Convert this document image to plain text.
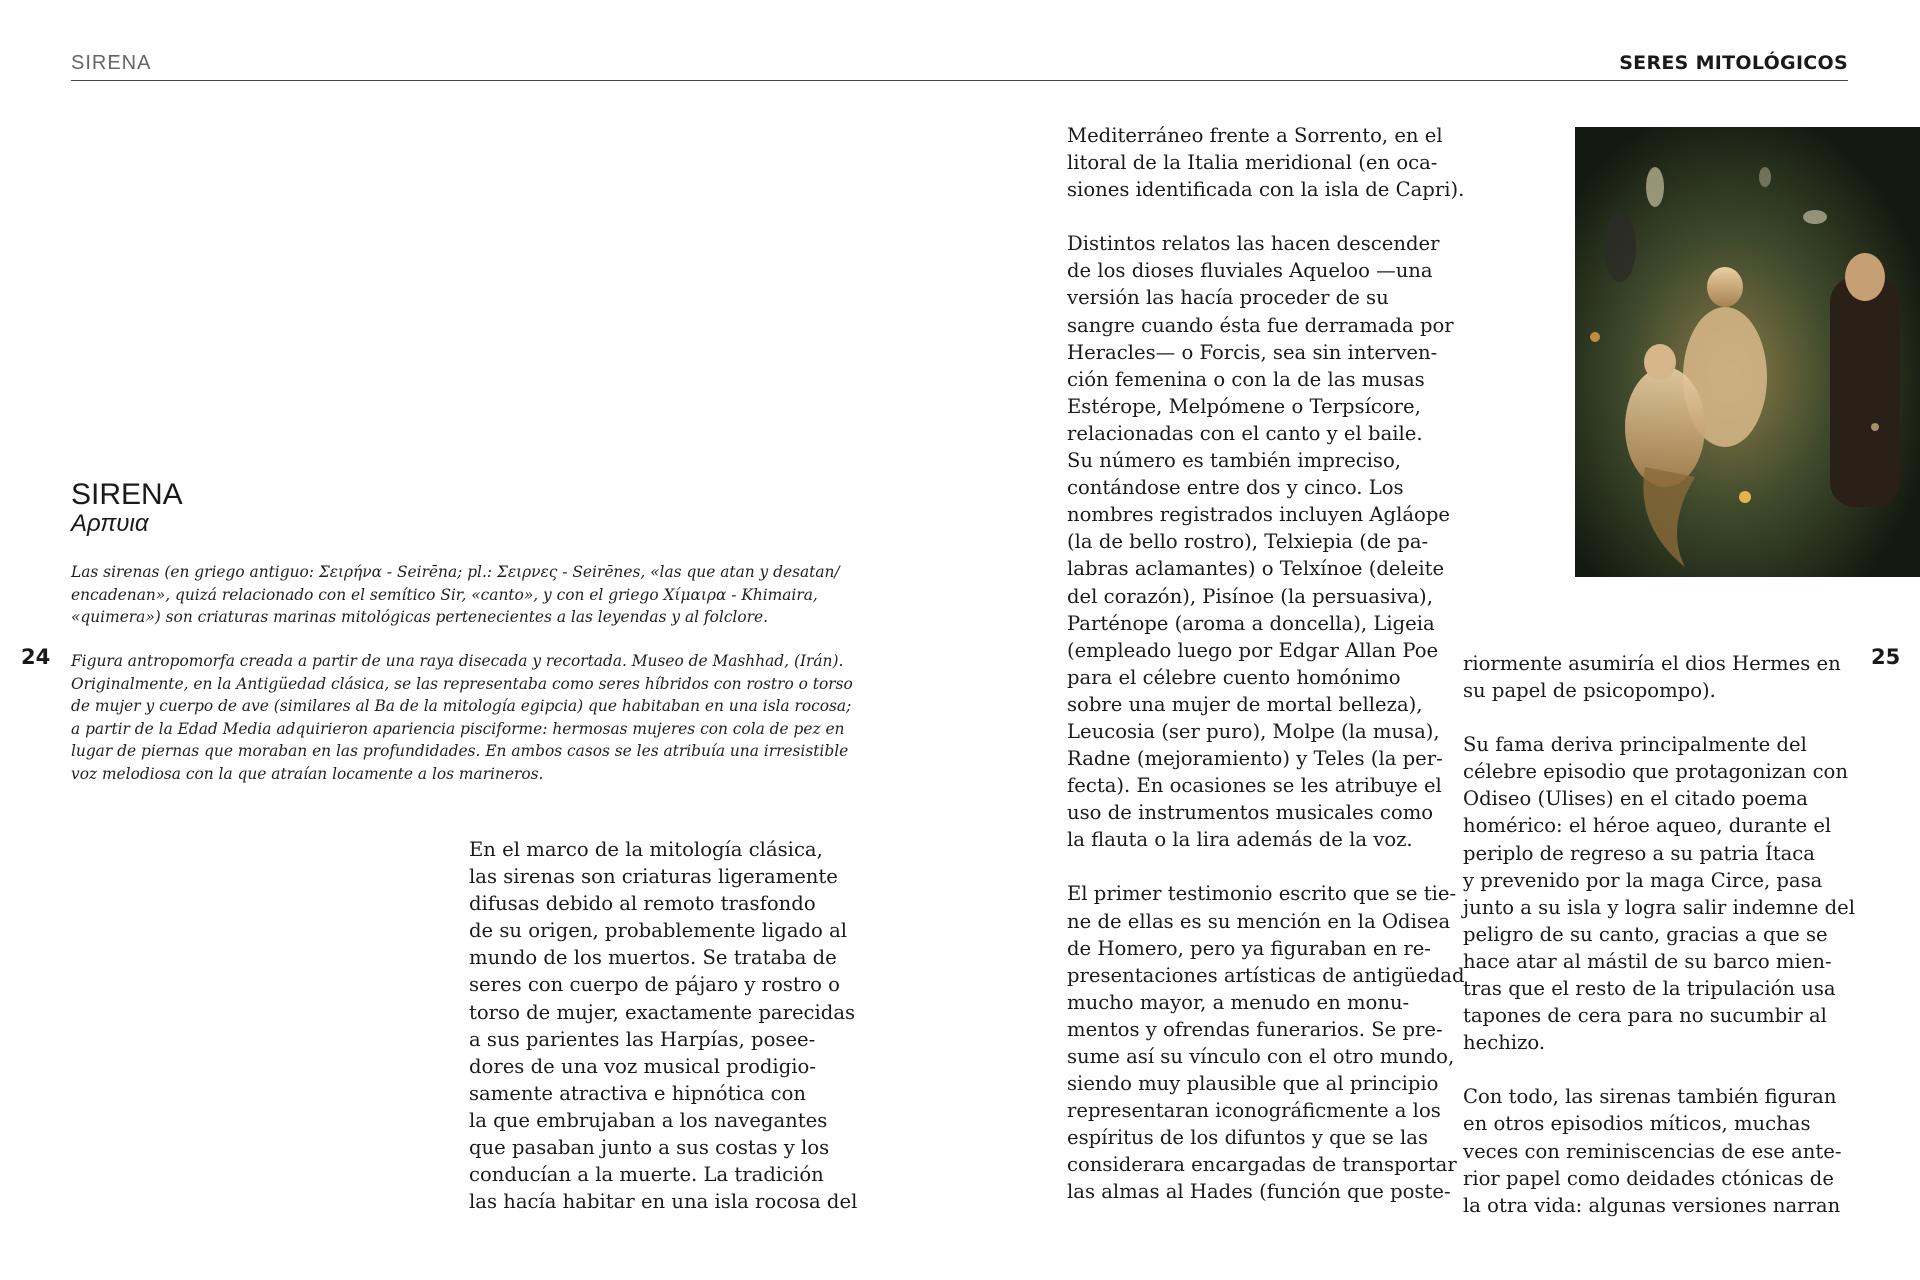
SIRENA	SERES MITOLÓGICOS
24	25
SIRENA
Αρπυια

Las sirenas (en griego antiguo: Σειρήνα - Seirēna; pl.: Σειρνες - Seirēnes, «las que atan y desatan/

encadenan», quizá relacionado con el semítico Sir, «canto», y con el griego Χίμαιρα - Khimaira,

«quimera») son criaturas marinas mitológicas pertenecientes a las leyendas y al folclore.

Figura antropomorfa creada a partir de una raya disecada y recortada. Museo de Mashhad, (Irán).

Originalmente, en la Antigüedad clásica, se las representaba como seres híbridos con rostro o torso

de mujer y cuerpo de ave (similares al Ba de la mitología egipcia) que habitaban en una isla rocosa;

a partir de la Edad Media adquirieron apariencia pisciforme: hermosas mujeres con cola de pez en

lugar de piernas que moraban en las profundidades. En ambos casos se les atribuía una irresistible

voz melodiosa con la que atraían locamente a los marineros.

En el marco de la mitología clásica,

las sirenas son criaturas ligeramente

difusas debido al remoto trasfondo

de su origen, probablemente ligado al

mundo de los muertos. Se trataba de

seres con cuerpo de pájaro y rostro o

torso de mujer, exactamente parecidas

a sus parientes las Harpías, posee-

dores de una voz musical prodigio-

samente atractiva e hipnótica con

la que embrujaban a los navegantes

que pasaban junto a sus costas y los

conducían a la muerte. La tradición

las hacía habitar en una isla rocosa del

Mediterráneo frente a Sorrento, en el

litoral de la Italia meridional (en oca-

siones identificada con la isla de Capri).

Distintos relatos las hacen descender

de los dioses fluviales Aqueloo —una

versión las hacía proceder de su

sangre cuando ésta fue derramada por

Heracles— o Forcis, sea sin interven-

ción femenina o con la de las musas

Estérope, Melpómene o Terpsícore,

relacionadas con el canto y el baile.

Su número es también impreciso,

contándose entre dos y cinco. Los

nombres registrados incluyen Agláope

(la de bello rostro), Telxiepia (de pa-

labras aclamantes) o Telxínoe (deleite

del corazón), Pisínoe (la persuasiva),

Parténope (aroma a doncella), Ligeia

(empleado luego por Edgar Allan Poe

para el célebre cuento homónimo

sobre una mujer de mortal belleza),

Leucosia (ser puro), Molpe (la musa),

Radne (mejoramiento) y Teles (la per-

fecta). En ocasiones se les atribuye el

uso de instrumentos musicales como

la flauta o la lira además de la voz.

El primer testimonio escrito que se tie-

ne de ellas es su mención en la Odisea

de Homero, pero ya figuraban en re-

presentaciones artísticas de antigüedad

mucho mayor, a menudo en monu-

mentos y ofrendas funerarios. Se pre-

sume así su vínculo con el otro mundo,

siendo muy plausible que al principio

representaran iconográficmente a los

espíritus de los difuntos y que se las

considerara encargadas de transportar

las almas al Hades (función que poste-

riormente asumiría el dios Hermes en

su papel de psicopompo).

Su fama deriva principalmente del

célebre episodio que protagonizan con

Odiseo (Ulises) en el citado poema

homérico: el héroe aqueo, durante el

periplo de regreso a su patria Ítaca

y prevenido por la maga Circe, pasa

junto a su isla y logra salir indemne del

peligro de su canto, gracias a que se

hace atar al mástil de su barco mien-

tras que el resto de la tripulación usa

tapones de cera para no sucumbir al

hechizo.

Con todo, las sirenas también figuran

en otros episodios míticos, muchas

veces con reminiscencias de ese ante-

rior papel como deidades ctónicas de

la otra vida: algunas versiones narran
